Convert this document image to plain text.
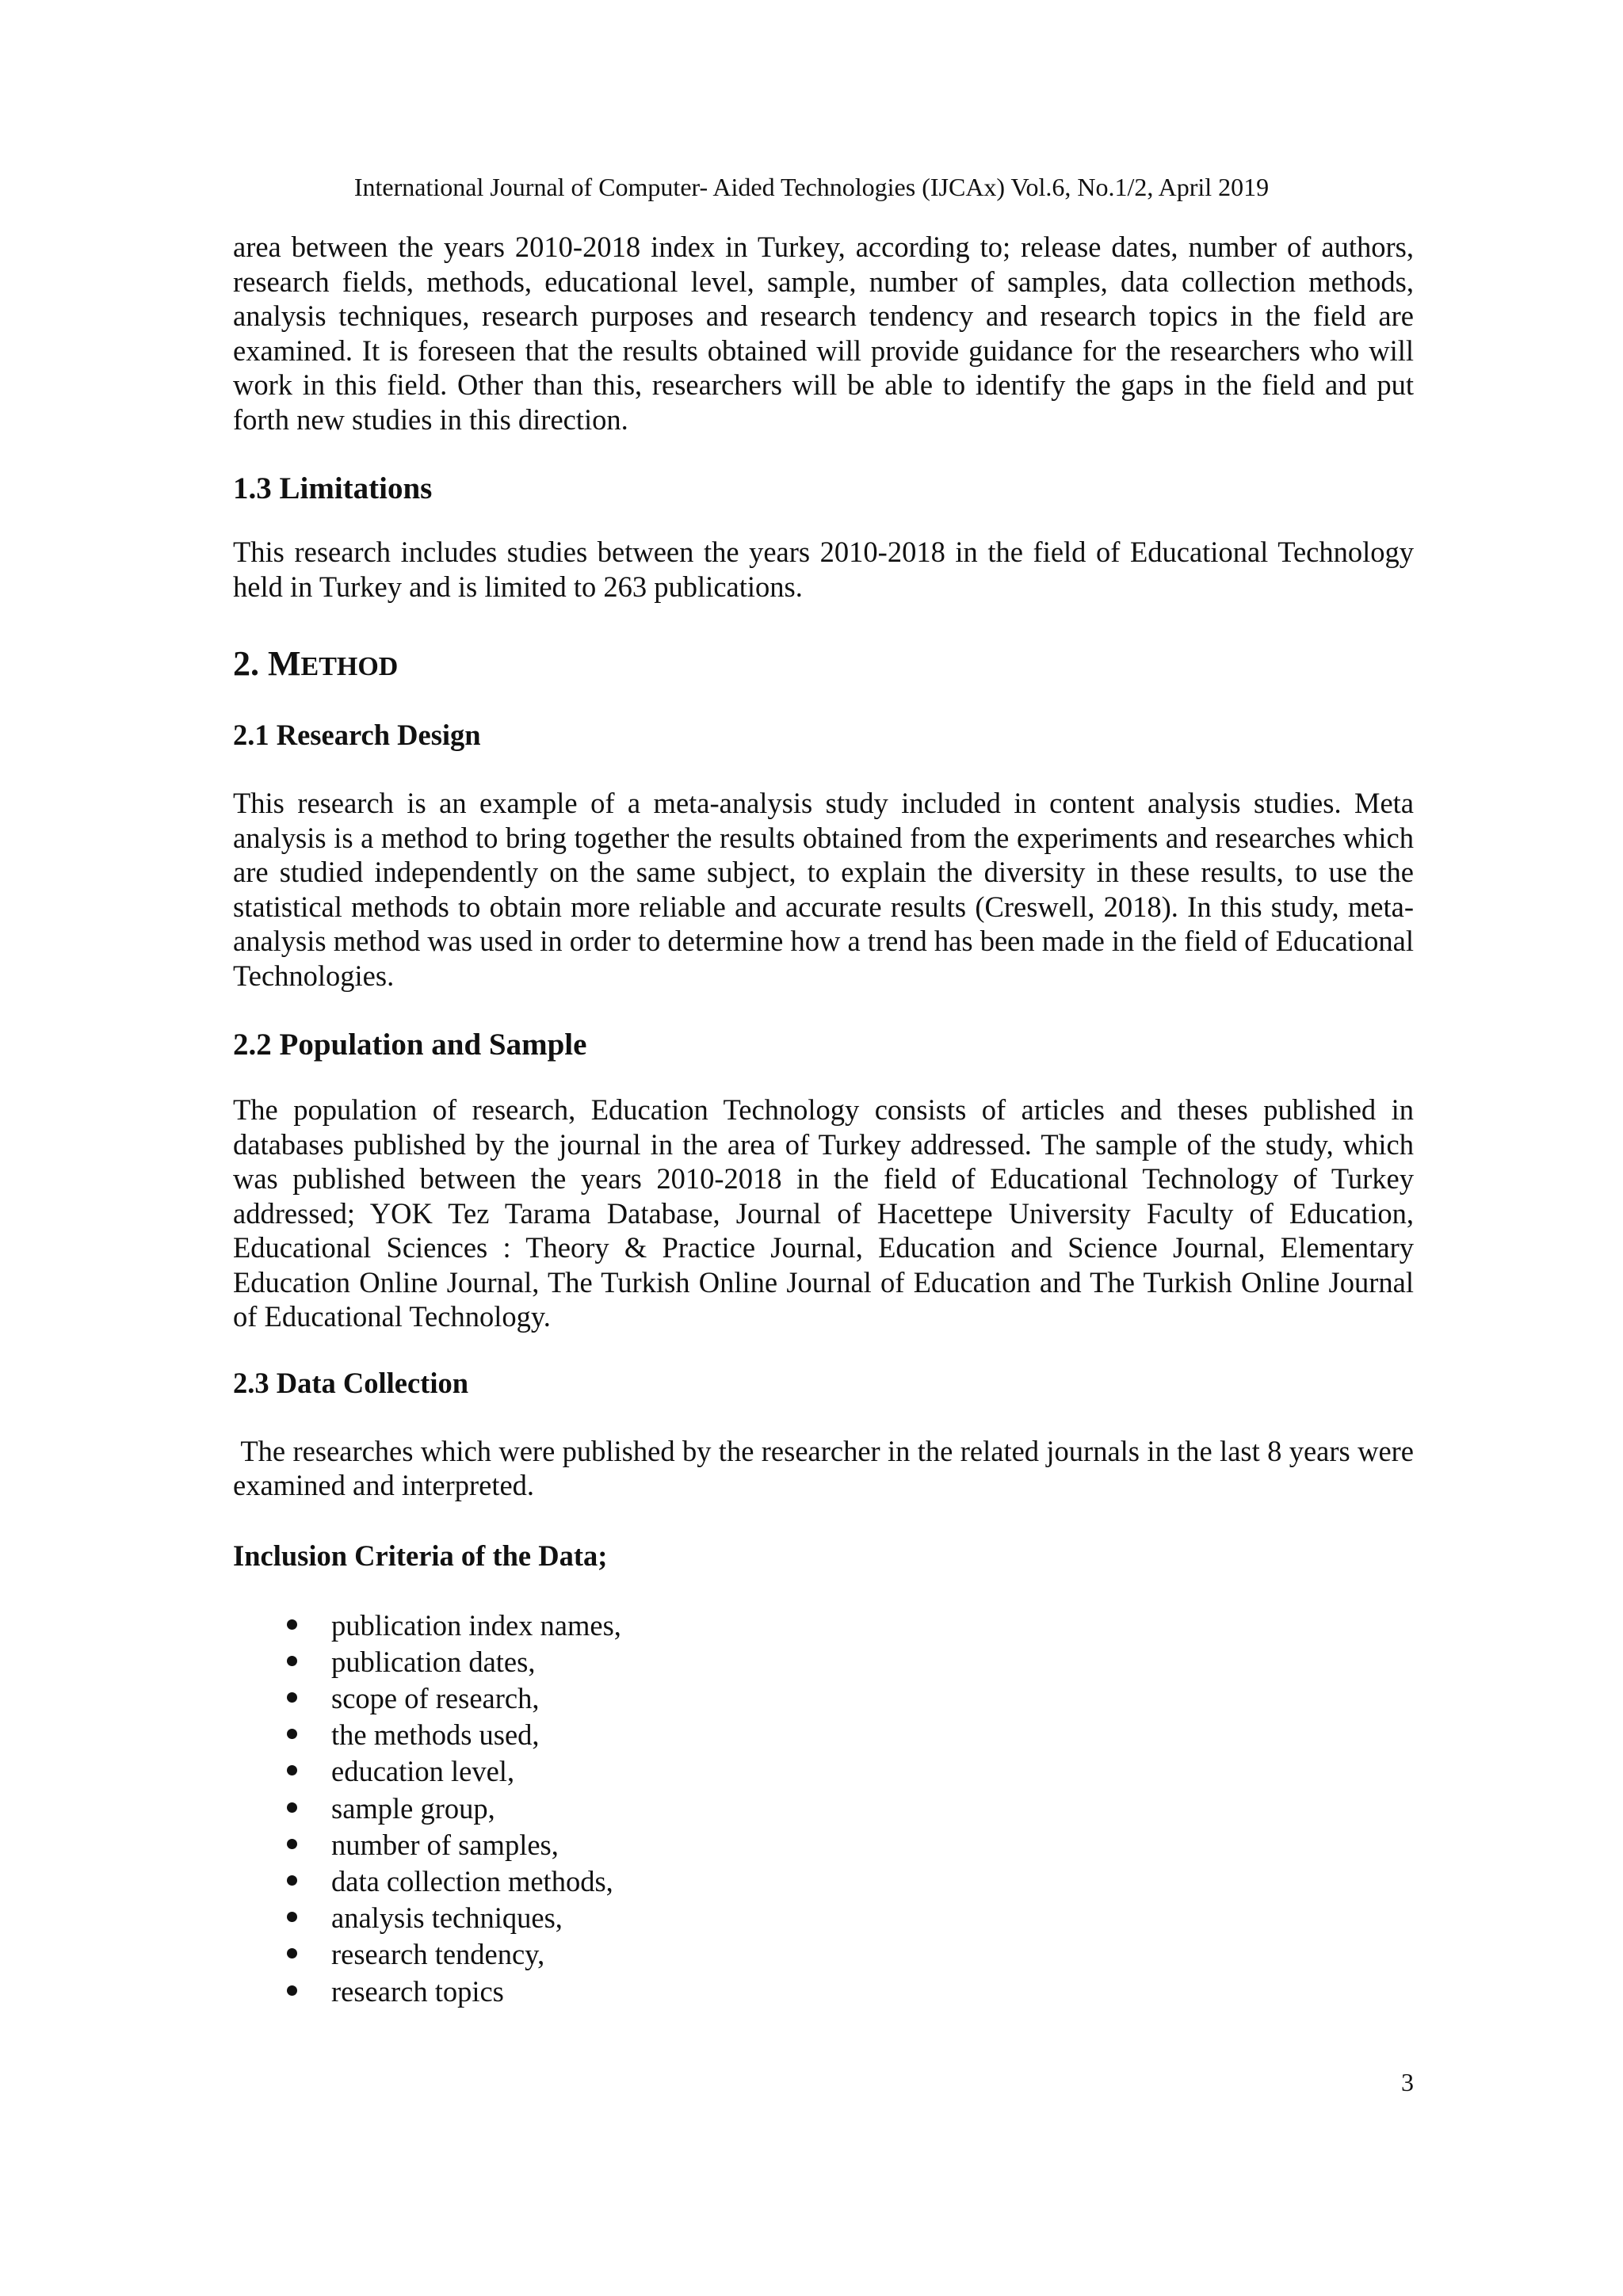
International Journal of Computer- Aided Technologies (IJCAx) Vol.6, No.1/2, April 2019

area between the years 2010-2018 index in Turkey, according to; release dates, number of authors, research fields, methods, educational level, sample, number of samples, data collection methods, analysis techniques, research purposes and research tendency and research topics in the field are examined. It is foreseen that the results obtained will provide guidance for the researchers who will work in this field. Other than this, researchers will be able to identify the gaps in the field and put forth new studies in this direction.

1.3 Limitations

This research includes studies between the years 2010-2018 in the field of Educational Technology held in Turkey and is limited to 263 publications.

2. METHOD
2.1 Research Design

This research is an example of a meta-analysis study included in content analysis studies. Meta analysis is a method to bring together the results obtained from the experiments and researches which are studied independently on the same subject, to explain the diversity in these results, to use the statistical methods to obtain more reliable and accurate results (Creswell, 2018). In this study, meta-analysis method was used in order to determine how a trend has been made in the field of Educational Technologies.

2.2 Population and Sample

The population of research, Education Technology consists of articles and theses published in databases published by the journal in the area of Turkey addressed. The sample of the study, which was published between the years 2010-2018 in the field of Educational Technology of Turkey addressed; YOK Tez Tarama Database, Journal of Hacettepe University Faculty of Education, Educational Sciences : Theory & Practice Journal, Education and Science Journal, Elementary Education Online Journal, The Turkish Online Journal of Education and The Turkish Online Journal of Educational Technology.

2.3 Data Collection

The researches which were published by the researcher in the related journals in the last 8 years were examined and interpreted.

Inclusion Criteria of the Data;
publication index names,
publication dates,
scope of research,
the methods used,
education level,
sample group,
number of samples,
data collection methods,
analysis techniques,
research tendency,
research topics
3
